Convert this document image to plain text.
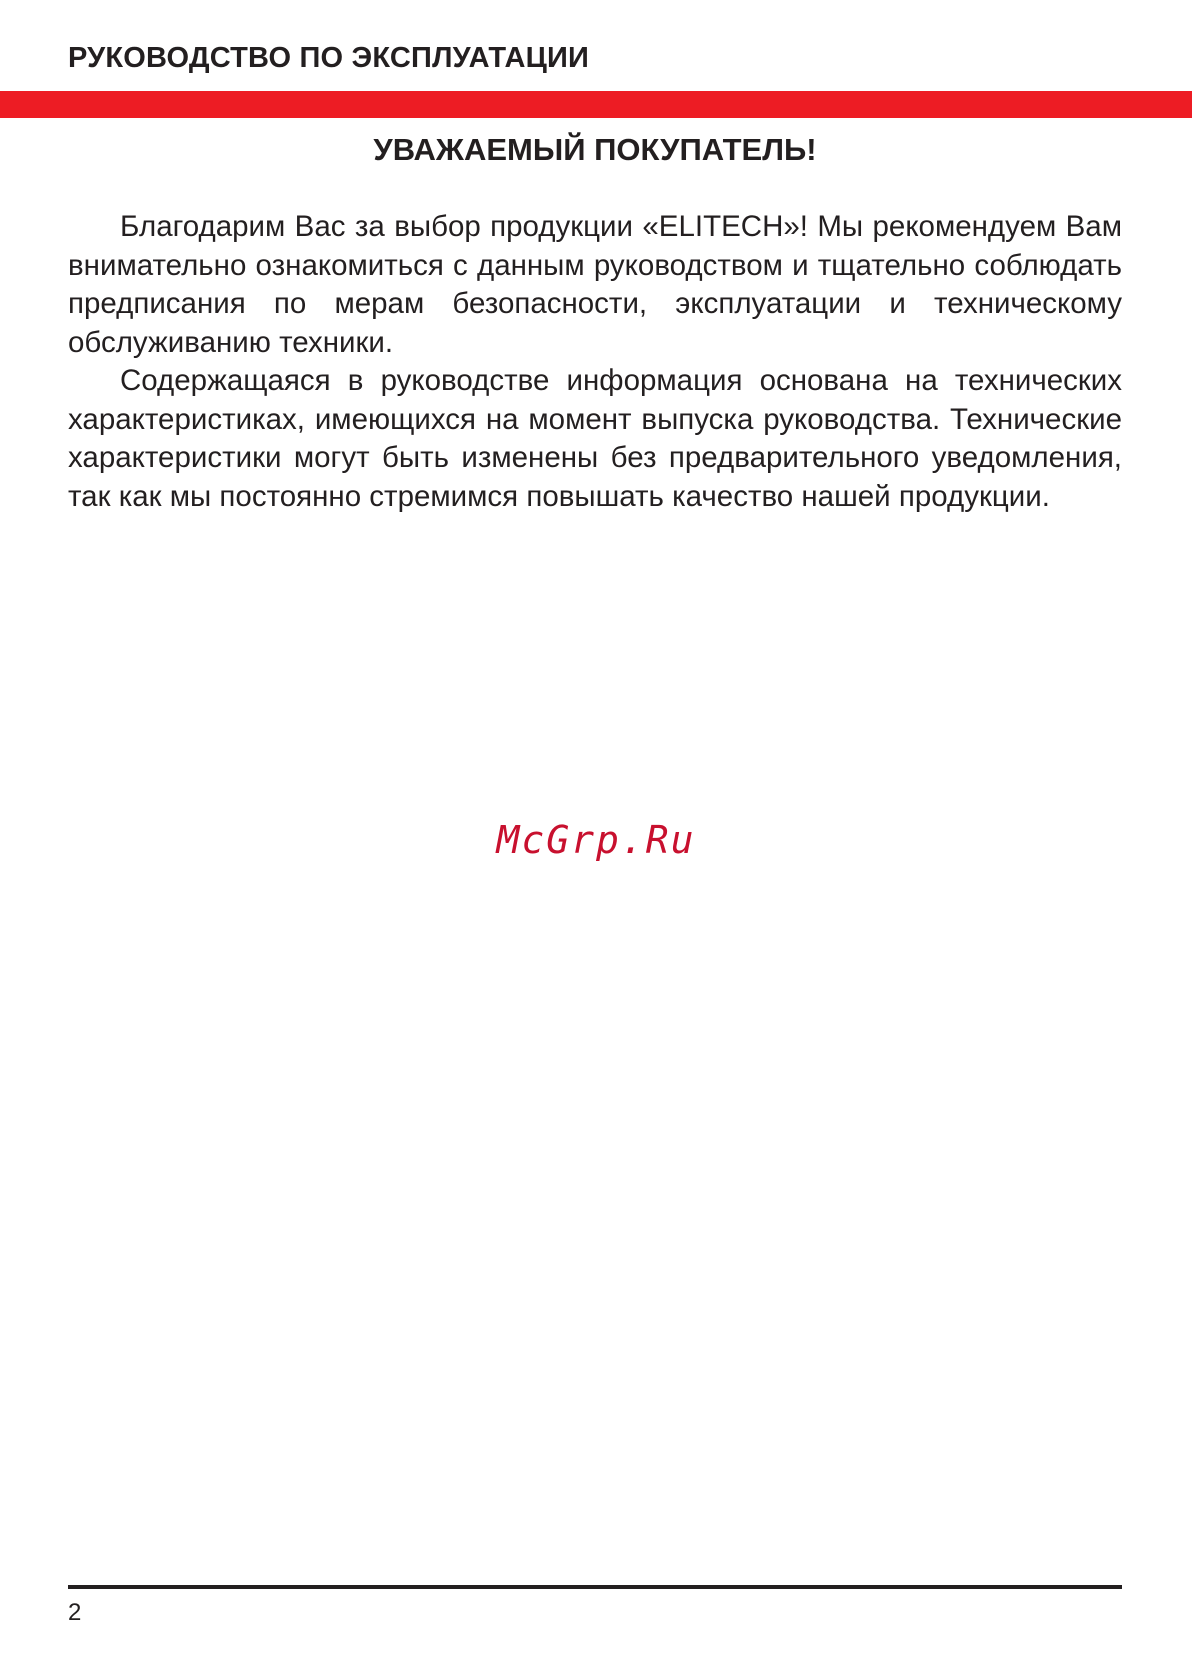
РУКОВОДСТВО ПО ЭКСПЛУАТАЦИИ
УВАЖАЕМЫЙ ПОКУПАТЕЛЬ!

Благодарим Вас за выбор продукции «ELITECH»! Мы рекомендуем Вам внимательно ознакомиться с данным руководством и тщательно соблюдать предписания по мерам безопасности, эксплуатации и техническому обслуживанию техники.

Содержащаяся в руководстве информация основана на технических характеристиках, имеющихся на момент выпуска руководства. Технические характеристики могут быть изменены без предварительного уведомления, так как мы постоянно стремимся повышать качество нашей продукции.

McGrp.Ru
2
